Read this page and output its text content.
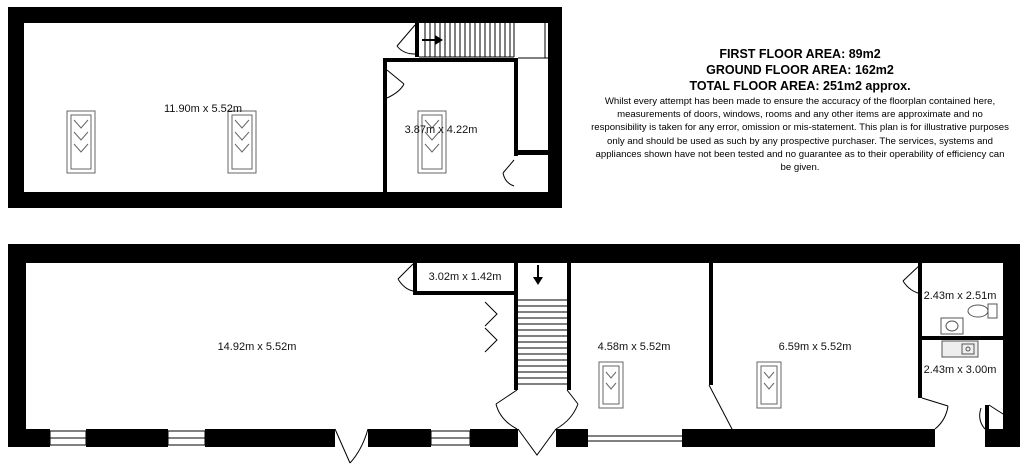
11.90m x 5.52m
3.87m x 4.22m
14.92m x 5.52m
3.02m x 1.42m
4.58m x 5.52m	6.59m x 5.52m
2.43m x 2.51m
2.43m x 3.00m
FIRST FLOOR AREA: 89m2
GROUND FLOOR AREA: 162m2
TOTAL FLOOR AREA: 251m2 approx.
Whilst every attempt has been made to ensure the accuracy of the floorplan contained here, measurements of doors, windows, rooms and any other items are approximate and no responsibility is taken for any error, omission or mis-statement. This plan is for illustrative purposes only and should be used as such by any prospective purchaser. The services, systems and appliances shown have not been tested and no guarantee as to their operability of efficiency can be given.
